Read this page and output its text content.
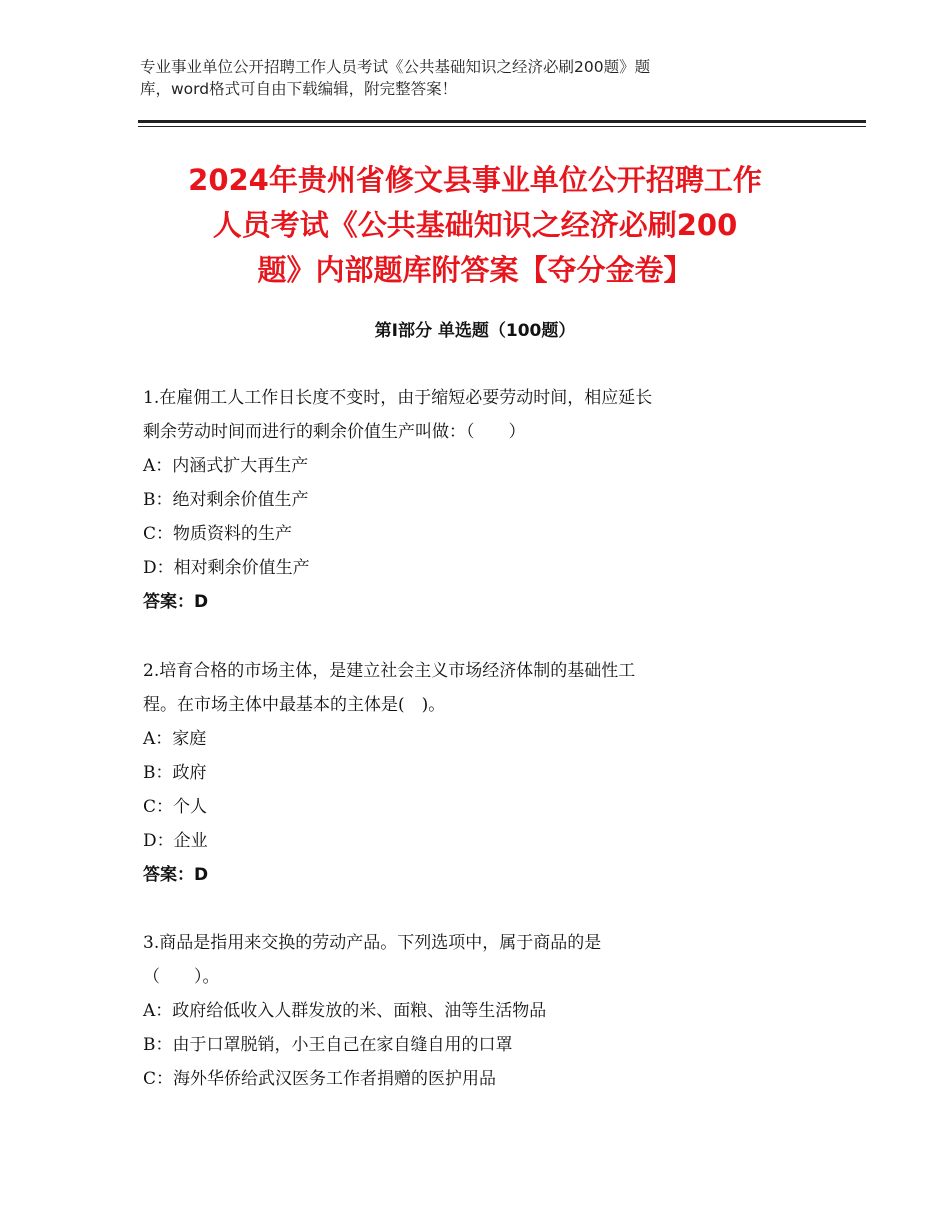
专业事业单位公开招聘工作人员考试《公共基础知识之经济必刷200题》题
库，word格式可自由下载编辑，附完整答案！
2024年贵州省修文县事业单位公开招聘工作
人员考试《公共基础知识之经济必刷200
题》内部题库附答案【夺分金卷】
第Ⅰ部分 单选题（100题）
1.在雇佣工人工作日长度不变时，由于缩短必要劳动时间，相应延长
剩余劳动时间而进行的剩余价值生产叫做：（　　）
A：内涵式扩大再生产
B：绝对剩余价值生产
C：物质资料的生产
D：相对剩余价值生产
答案：D
2.培育合格的市场主体，是建立社会主义市场经济体制的基础性工
程。在市场主体中最基本的主体是(　)。
A：家庭
B：政府
C：个人
D：企业
答案：D
3.商品是指用来交换的劳动产品。下列选项中，属于商品的是
（　　）。
A：政府给低收入人群发放的米、面粮、油等生活物品
B：由于口罩脱销，小王自己在家自缝自用的口罩
C：海外华侨给武汉医务工作者捐赠的医护用品
